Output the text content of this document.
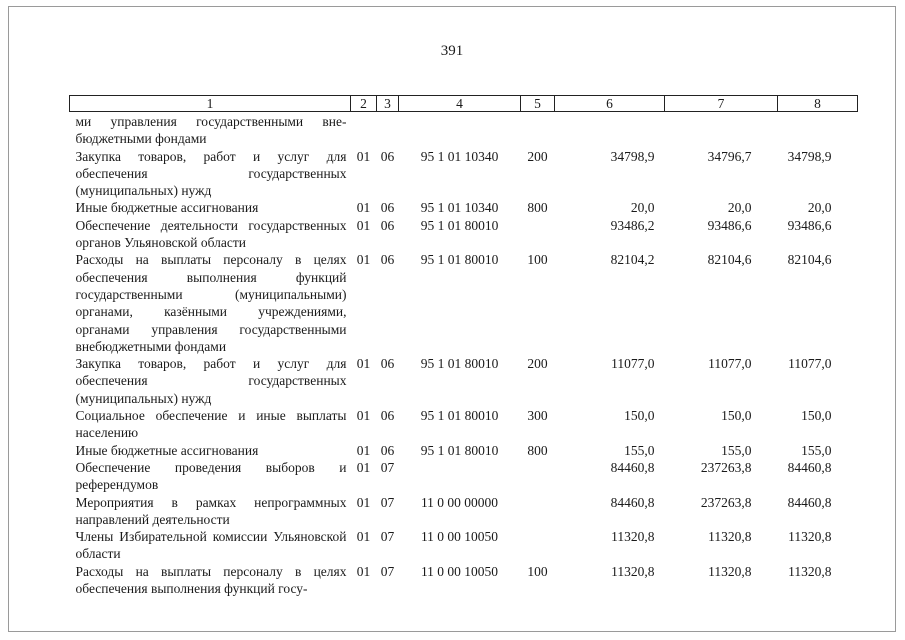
391
1	2	3	4	5	6	7	8
ми управления государственными вне-бюджетными фондами							
Закупка товаров, работ и услуг для обеспечения государственных (муниципальных) нужд	01	06	95 1 01 10340	200	34798,9	34796,7	34798,9
Иные бюджетные ассигнования	01	06	95 1 01 10340	800	20,0	20,0	20,0
Обеспечение деятельности государственных органов Ульяновской области	01	06	95 1 01 80010		93486,2	93486,6	93486,6
Расходы на выплаты персоналу в целях обеспечения выполнения функций государственными (муниципальными) органами, казёнными учреждениями, органами управления государственными внебюджетными фондами	01	06	95 1 01 80010	100	82104,2	82104,6	82104,6
Закупка товаров, работ и услуг для обеспечения государственных (муниципальных) нужд	01	06	95 1 01 80010	200	11077,0	11077,0	11077,0
Социальное обеспечение и иные выплаты населению	01	06	95 1 01 80010	300	150,0	150,0	150,0
Иные бюджетные ассигнования	01	06	95 1 01 80010	800	155,0	155,0	155,0
Обеспечение проведения выборов и референдумов	01	07			84460,8	237263,8	84460,8
Мероприятия в рамках непрограммных направлений деятельности	01	07	11 0 00 00000		84460,8	237263,8	84460,8
Члены Избирательной комиссии Ульяновской области	01	07	11 0 00 10050		11320,8	11320,8	11320,8
Расходы на выплаты персоналу в целях обеспечения выполнения функций госу-	01	07	11 0 00 10050	100	11320,8	11320,8	11320,8
